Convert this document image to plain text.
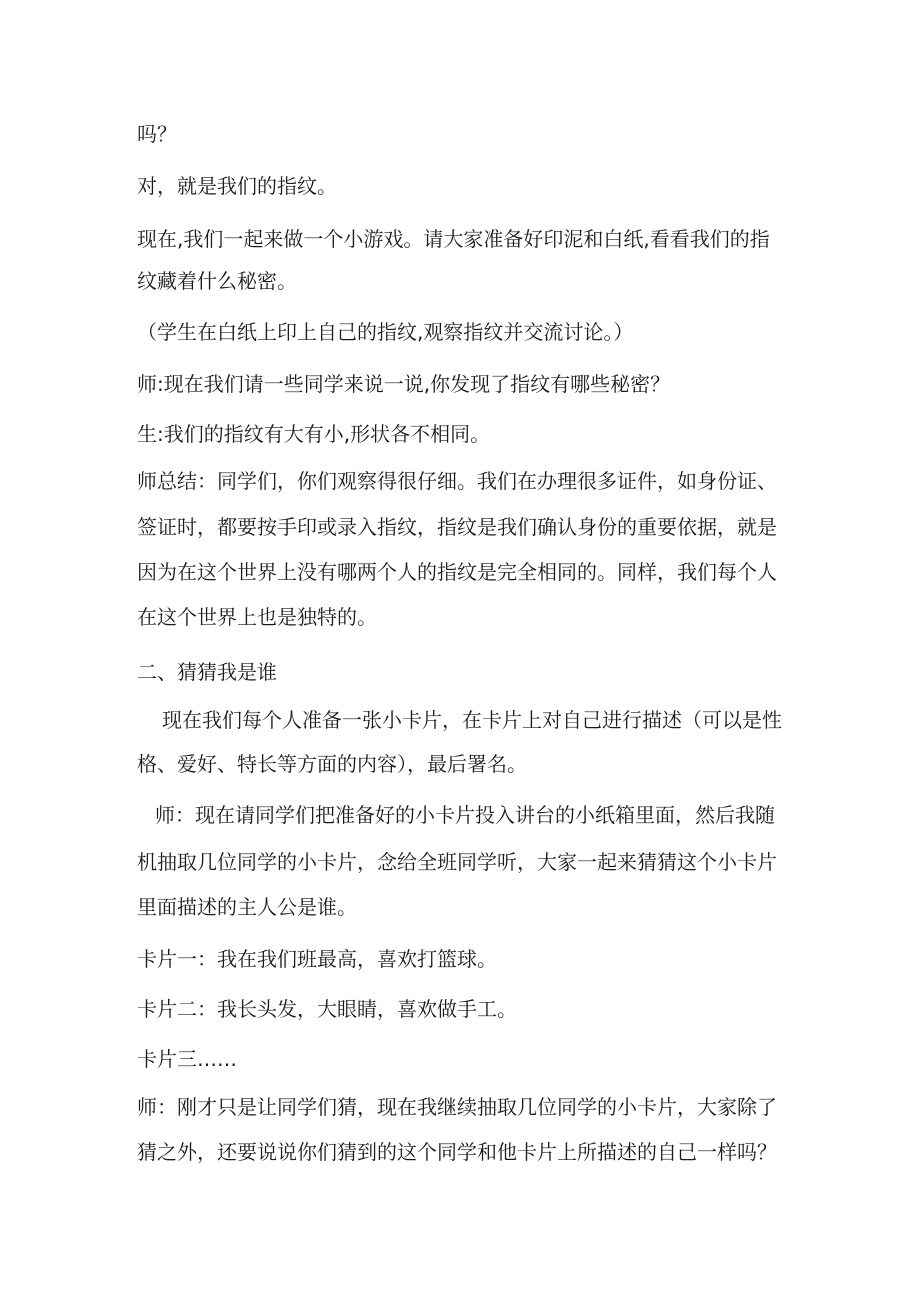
吗？
对，就是我们的指纹。
现在,我们一起来做一个小游戏。请大家准备好印泥和白纸,看看我们的指
纹藏着什么秘密。
（学生在白纸上印上自己的指纹,观察指纹并交流讨论。）
师:现在我们请一些同学来说一说,你发现了指纹有哪些秘密？
生:我们的指纹有大有小,形状各不相同。
师总结：同学们，你们观察得很仔细。我们在办理很多证件，如身份证、
签证时，都要按手印或录入指纹，指纹是我们确认身份的重要依据，就是
因为在这个世界上没有哪两个人的指纹是完全相同的。同样，我们每个人
在这个世界上也是独特的。
二、猜猜我是谁
现在我们每个人准备一张小卡片，在卡片上对自己进行描述（可以是性
格、爱好、特长等方面的内容），最后署名。
师：现在请同学们把准备好的小卡片投入讲台的小纸箱里面，然后我随
机抽取几位同学的小卡片，念给全班同学听，大家一起来猜猜这个小卡片
里面描述的主人公是谁。
卡片一：我在我们班最高，喜欢打篮球。
卡片二：我长头发，大眼睛，喜欢做手工。
卡片三……
师：刚才只是让同学们猜，现在我继续抽取几位同学的小卡片，大家除了
猜之外，还要说说你们猜到的这个同学和他卡片上所描述的自己一样吗？
